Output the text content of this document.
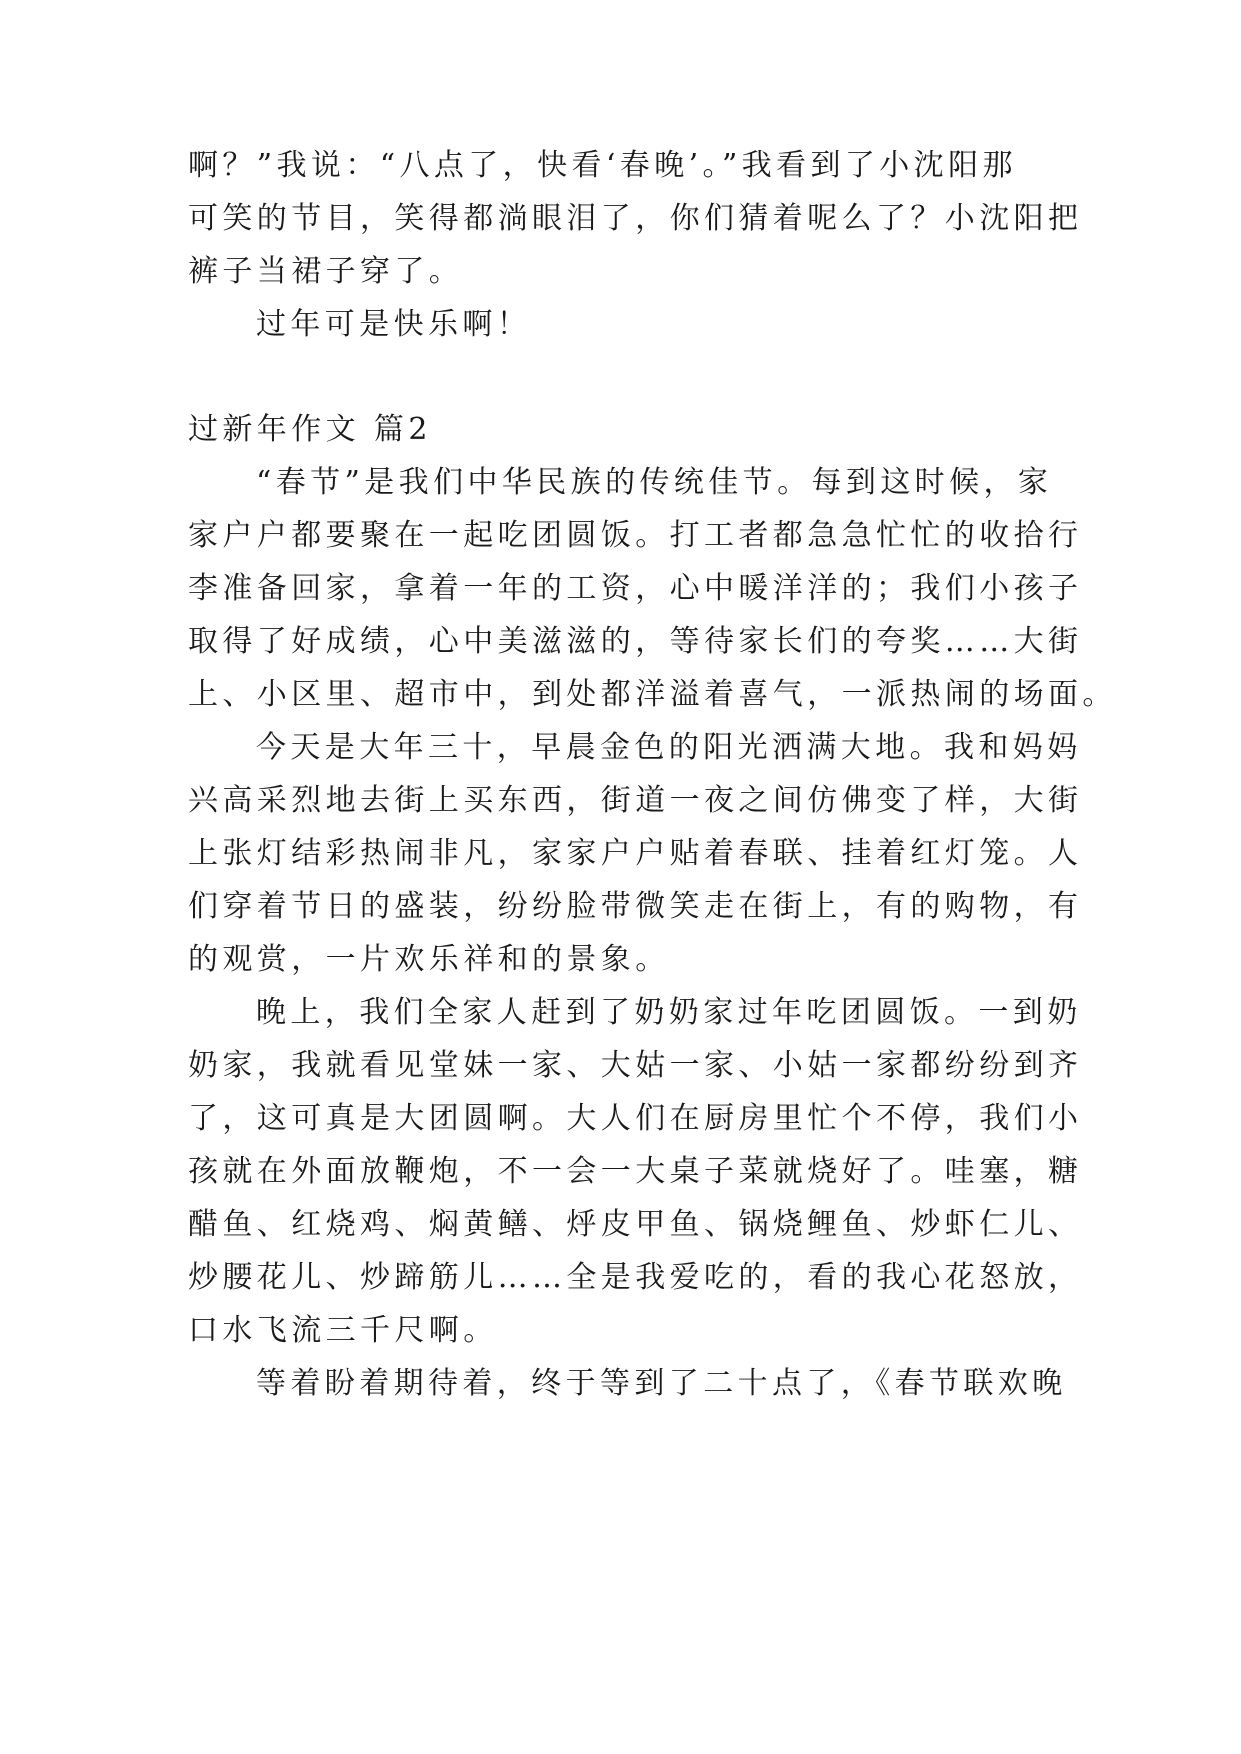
啊？”我说：“八点了，快看‘春晚’。”我看到了小沈阳那
可笑的节目，笑得都淌眼泪了，你们猜着呢么了？小沈阳把
裤子当裙子穿了。
过年可是快乐啊！
过新年作文 篇2
“春节”是我们中华民族的传统佳节。每到这时候，家
家户户都要聚在一起吃团圆饭。打工者都急急忙忙的收拾行
李准备回家，拿着一年的工资，心中暖洋洋的；我们小孩子
取得了好成绩，心中美滋滋的，等待家长们的夸奖……大街
上、小区里、超市中，到处都洋溢着喜气，一派热闹的场面。
今天是大年三十，早晨金色的阳光洒满大地。我和妈妈
兴高采烈地去街上买东西，街道一夜之间仿佛变了样，大街
上张灯结彩热闹非凡，家家户户贴着春联、挂着红灯笼。人
们穿着节日的盛装，纷纷脸带微笑走在街上，有的购物，有
的观赏，一片欢乐祥和的景象。
晚上，我们全家人赶到了奶奶家过年吃团圆饭。一到奶
奶家，我就看见堂妹一家、大姑一家、小姑一家都纷纷到齐
了，这可真是大团圆啊。大人们在厨房里忙个不停，我们小
孩就在外面放鞭炮，不一会一大桌子菜就烧好了。哇塞，糖
醋鱼、红烧鸡、焖黄鳝、烀皮甲鱼、锅烧鲤鱼、炒虾仁儿、
炒腰花儿、炒蹄筋儿……全是我爱吃的，看的我心花怒放，
口水飞流三千尺啊。
等着盼着期待着，终于等到了二十点了，《春节联欢晚
